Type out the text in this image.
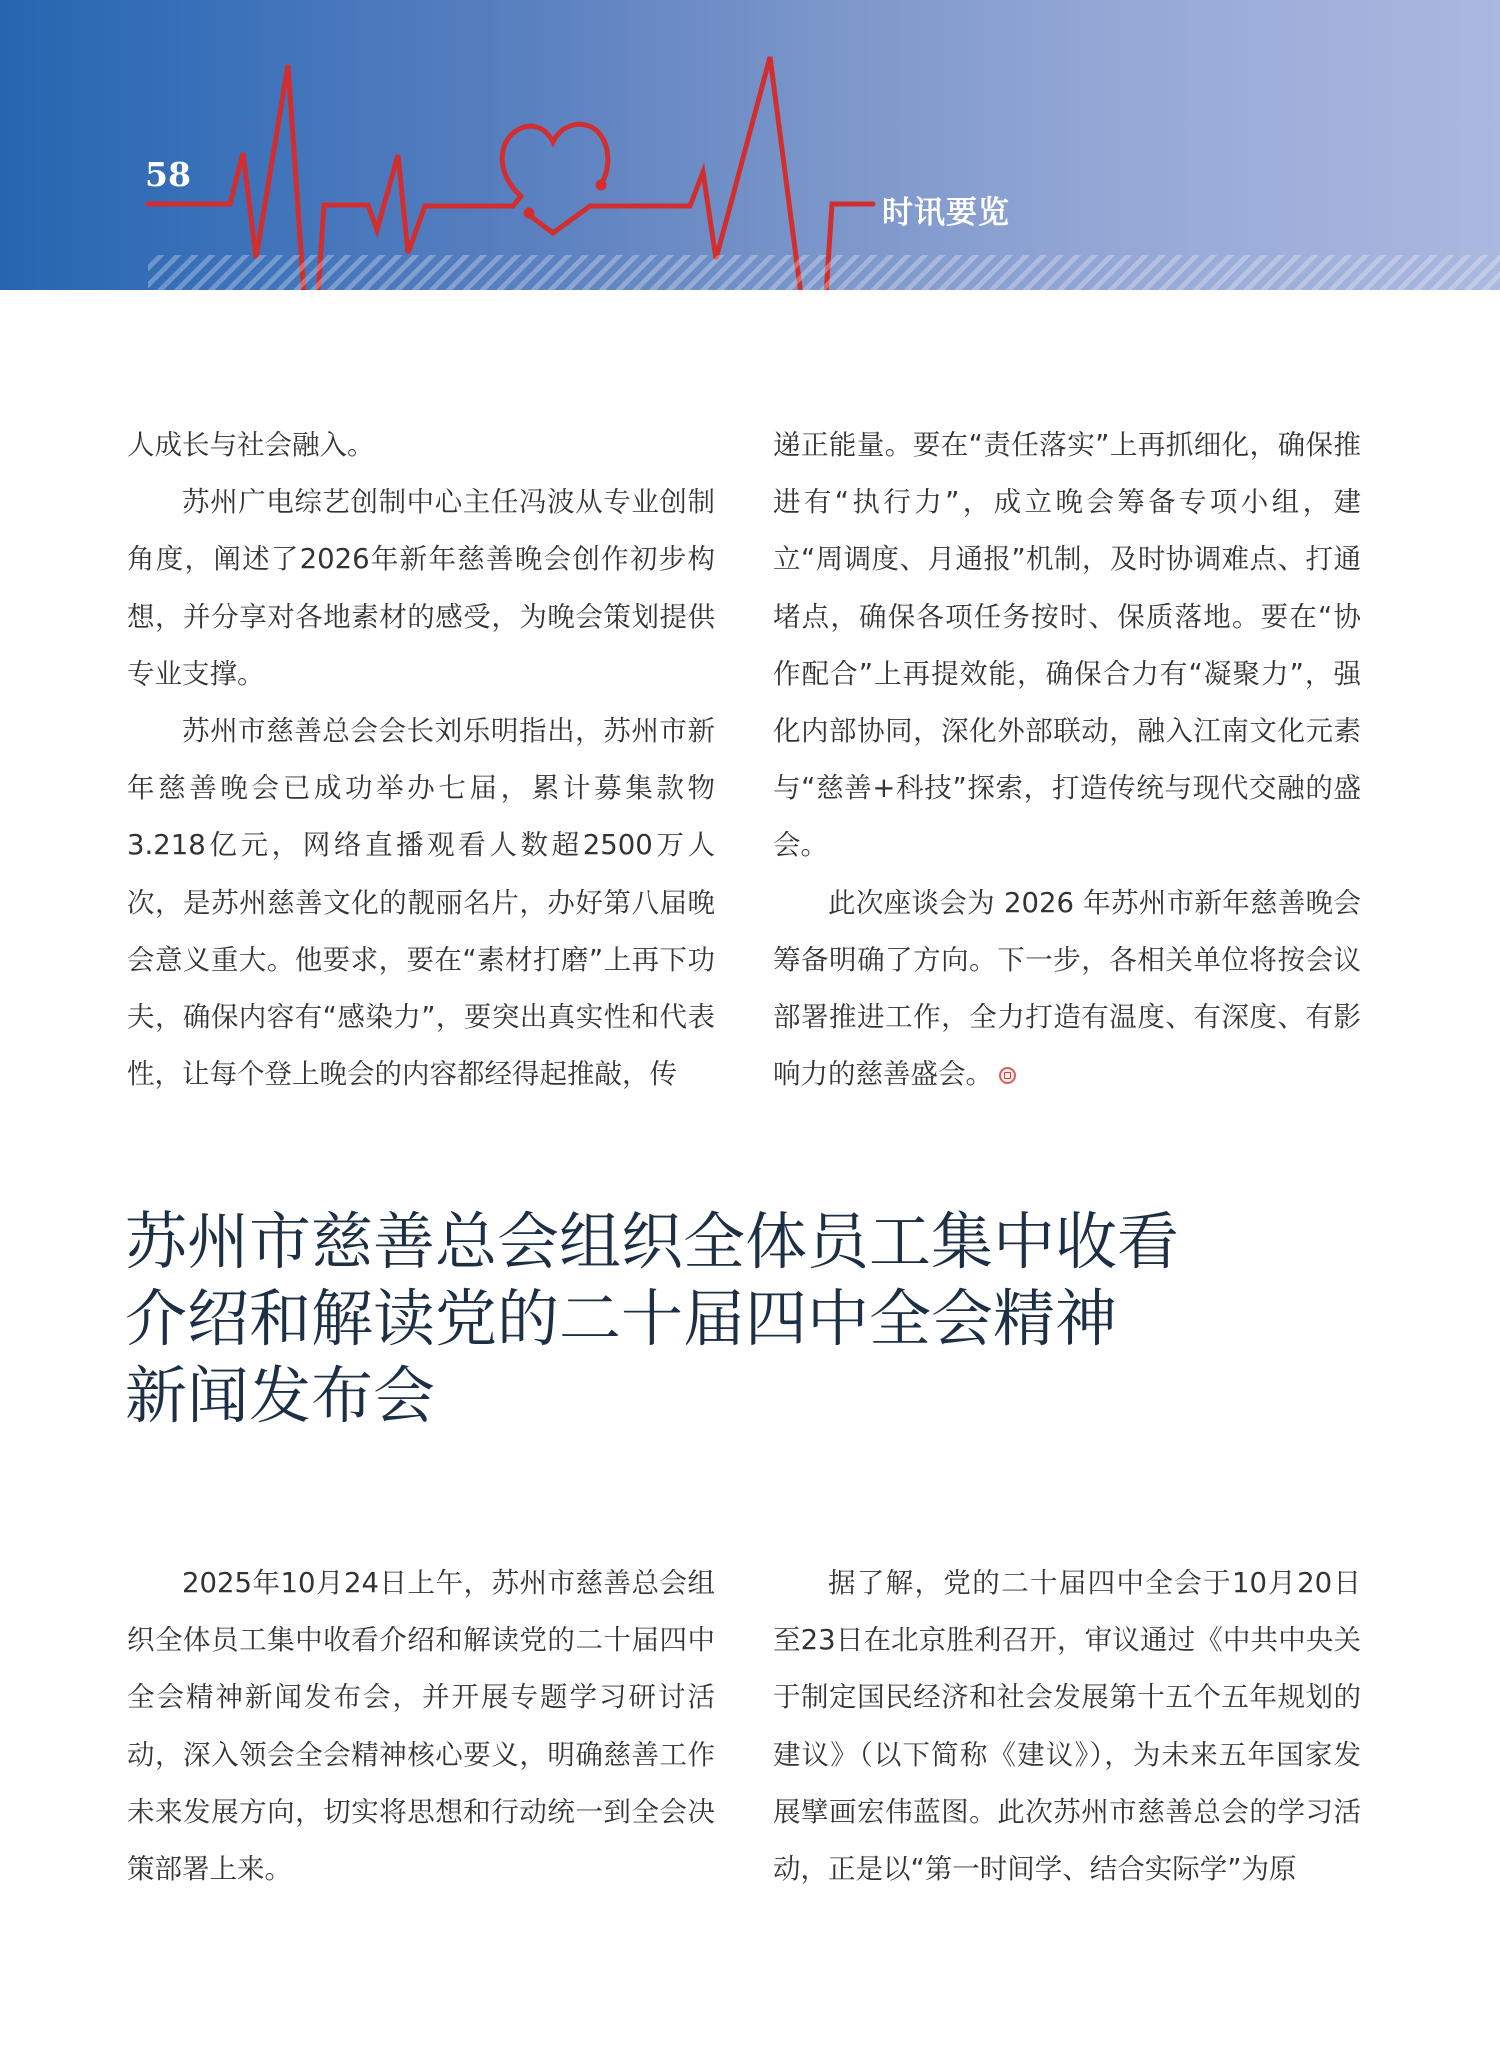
58
时讯要览

人成长与社会融入。

苏州广电综艺创制中心主任冯波从专业创制角度，阐述了2026年新年慈善晚会创作初步构想，并分享对各地素材的感受，为晚会策划提供专业支撑。

苏州市慈善总会会长刘乐明指出，苏州市新年慈善晚会已成功举办七届，累计募集款物3.218亿元，网络直播观看人数超2500万人次，是苏州慈善文化的靓丽名片，办好第八届晚会意义重大。他要求，要在“素材打磨”上再下功夫，确保内容有“感染力”，要突出真实性和代表性，让每个登上晚会的内容都经得起推敲，传

递正能量。要在“责任落实”上再抓细化，确保推进有“执行力”，成立晚会筹备专项小组，建立“周调度、月通报”机制，及时协调难点、打通堵点，确保各项任务按时、保质落地。要在“协作配合”上再提效能，确保合力有“凝聚力”，强化内部协同，深化外部联动，融入江南文化元素与“慈善+科技”探索，打造传统与现代交融的盛会。

此次座谈会为 2026 年苏州市新年慈善晚会筹备明确了方向。下一步，各相关单位将按会议部署推进工作，全力打造有温度、有深度、有影响力的慈善盛会。

苏州市慈善总会组织全体员工集中收看
介绍和解读党的二十届四中全会精神
新闻发布会

2025年10月24日上午，苏州市慈善总会组织全体员工集中收看介绍和解读党的二十届四中全会精神新闻发布会，并开展专题学习研讨活动，深入领会全会精神核心要义，明确慈善工作未来发展方向，切实将思想和行动统一到全会决策部署上来。

据了解，党的二十届四中全会于10月20日至23日在北京胜利召开，审议通过《中共中央关于制定国民经济和社会发展第十五个五年规划的建议》（以下简称《建议》），为未来五年国家发展擘画宏伟蓝图。此次苏州市慈善总会的学习活动，正是以“第一时间学、结合实际学”为原
